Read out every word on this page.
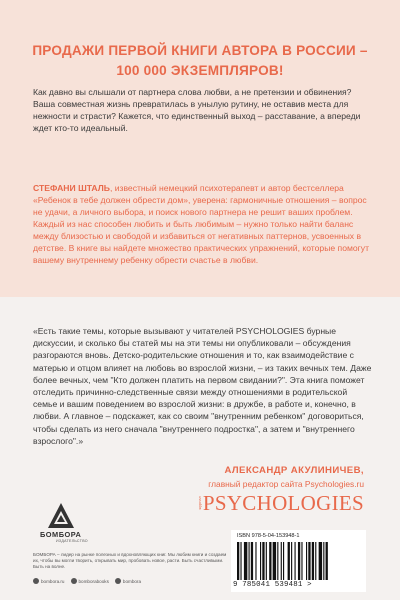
ПРОДАЖИ ПЕРВОЙ КНИГИ АВТОРА В РОССИИ – 100 000 ЭКЗЕМПЛЯРОВ!

Как давно вы слышали от партнера слова любви, а не претензии и обвинения? Ваша совместная жизнь превратилась в унылую рутину, не оставив места для нежности и страсти? Кажется, что единственный выход – расставание, а впереди ждет кто-то идеальный.

СТЕФАНИ ШТАЛЬ, известный немецкий психотерапевт и автор бестселлера «Ребенок в тебе должен обрести дом», уверена: гармоничные отношения – вопрос не удачи, а личного выбора, и поиск нового партнера не решит ваших проблем. Каждый из нас способен любить и быть любимым – нужно только найти баланс между близостью и свободой и избавиться от негативных паттернов, усвоенных в детстве. В книге вы найдете множество практических упражнений, которые помогут вашему внутреннему ребенку обрести счастье в любви.

«Есть такие темы, которые вызывают у читателей PSYCHOLOGIES бурные дискуссии, и сколько бы статей мы на эти темы ни опубликовали – обсуждения разгораются вновь. Детско-родительские отношения и то, как взаимодействие с матерью и отцом влияет на любовь во взрослой жизни, – из таких вечных тем. Даже более вечных, чем "Кто должен платить на первом свидании?". Эта книга поможет отследить причинно-следственные связи между отношениями в родительской семье и вашим поведением во взрослой жизни: в дружбе, в работе и, конечно, в любви. А главное – подскажет, как со своим "внутренним ребенком" договориться, чтобы сделать из него сначала "внутреннего подростка", а затем и "внутреннего взрослого".»

АЛЕКСАНДР АКУЛИНИЧЕВ,
главный редактор сайта Psychologies.ru
журнал PSYCHOLOGIES
БОМБОРА
ИЗДАТЕЛЬСТВО

БОМБОРА – лидер на рынке полезных и вдохновляющих книг. Мы любим книги и создаем их, чтобы вы могли творить, открывать мир, пробовать новое, расти. Быть счастливыми. Быть на волне.

bombora.ru	bomborabooks	bombora
ISBN 978-5-04-153948-1
9 785041 539481 >
